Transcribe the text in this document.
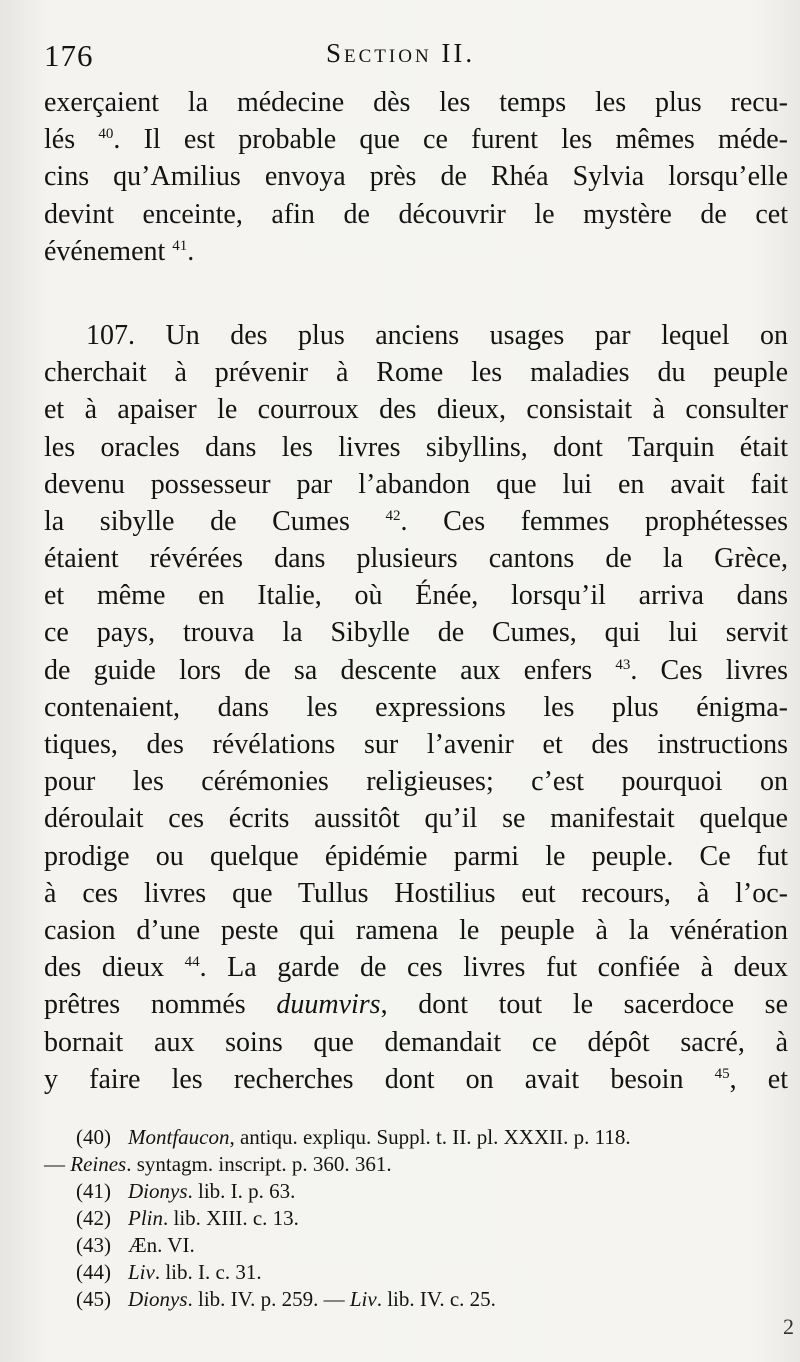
176	Section II.
exerçaient la médecine dès les temps les plus recu-
lés $^{40}$. Il est probable que ce furent les mêmes méde-
cins qu’Amilius envoya près de Rhéa Sylvia lorsqu’elle
devint enceinte, afin de découvrir le mystère de cet
événement $^{41}$.
107. Un des plus anciens usages par lequel on
cherchait à prévenir à Rome les maladies du peuple
et à apaiser le courroux des dieux, consistait à consulter
les oracles dans les livres sibyllins, dont Tarquin était
devenu possesseur par l’abandon que lui en avait fait
la sibylle de Cumes $^{42}$. Ces femmes prophétesses
étaient révérées dans plusieurs cantons de la Grèce,
et même en Italie, où Énée, lorsqu’il arriva dans
ce pays, trouva la Sibylle de Cumes, qui lui servit
de guide lors de sa descente aux enfers $^{43}$. Ces livres
contenaient, dans les expressions les plus énigma-
tiques, des révélations sur l’avenir et des instructions
pour les cérémonies religieuses; c’est pourquoi on
déroulait ces écrits aussitôt qu’il se manifestait quelque
prodige ou quelque épidémie parmi le peuple. Ce fut
à ces livres que Tullus Hostilius eut recours, à l’oc-
casion d’une peste qui ramena le peuple à la vénération
des dieux $^{44}$. La garde de ces livres fut confiée à deux
prêtres nommés duumvirs, dont tout le sacerdoce se
bornait aux soins que demandait ce dépôt sacré, à
y faire les recherches dont on avait besoin $^{45}$, et
(40) Montfaucon, antiqu. expliqu. Suppl. t. II. pl. XXXII. p. 118.
— Reines. syntagm. inscript. p. 360. 361.
(41) Dionys. lib. I. p. 63.
(42) Plin. lib. XIII. c. 13.
(43) Æn. VI.
(44) Liv. lib. I. c. 31.
(45) Dionys. lib. IV. p. 259. — Liv. lib. IV. c. 25.
2
